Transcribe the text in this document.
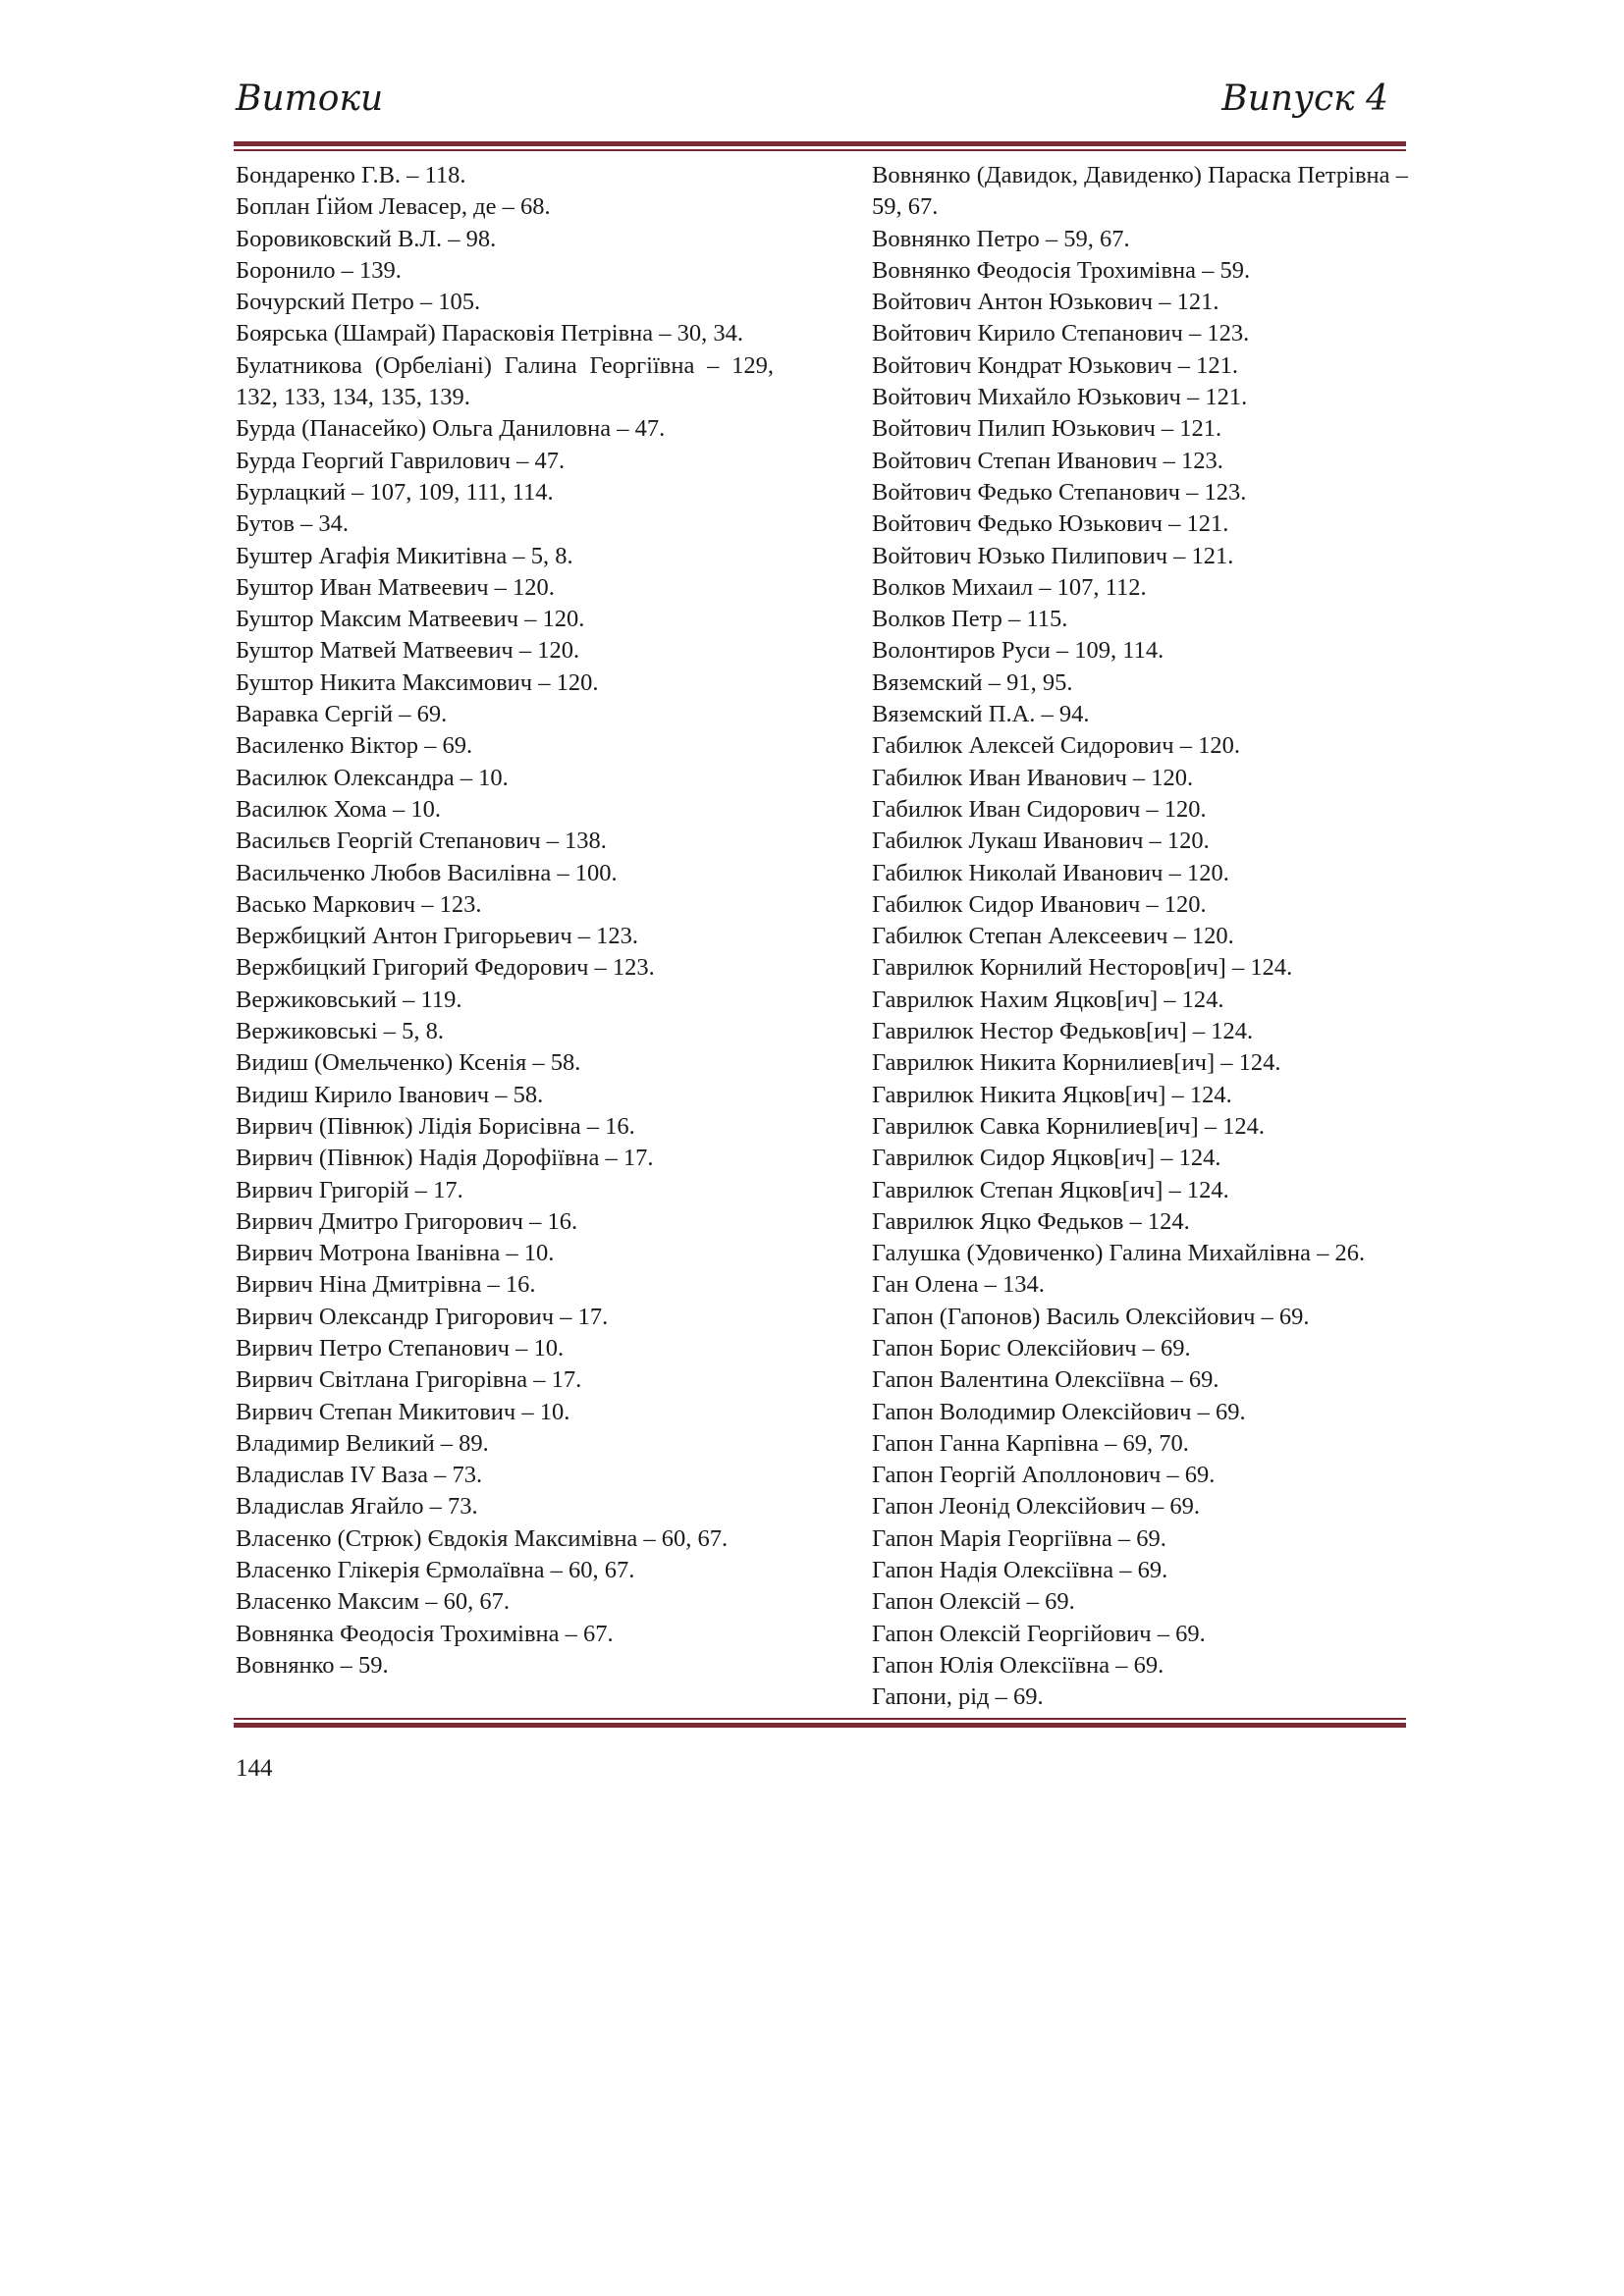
Витоки	Випуск 4
Бондаренко Г.В. – 118.
Боплан Ґійом Левасер, де – 68.
Боровиковский В.Л. – 98.
Боронило – 139.
Бочурский Петро – 105.
Боярська (Шамрай) Парасковія Петрівна – 30, 34.
Булатникова (Орбеліані) Галина Георгіївна – 129, 132, 133, 134, 135, 139.
Бурда (Панасейко) Ольга Даниловна – 47.
Бурда Георгий Гаврилович – 47.
Бурлацкий – 107, 109, 111, 114.
Бутов – 34.
Буштер Агафія Микитівна – 5, 8.
Буштор Иван Матвеевич – 120.
Буштор Максим Матвеевич – 120.
Буштор Матвей Матвеевич – 120.
Буштор Никита Максимович – 120.
Варавка Сергій – 69.
Василенко Віктор – 69.
Василюк Олександра – 10.
Василюк Хома – 10.
Васильєв Георгій Степанович – 138.
Васильченко Любов Василівна – 100.
Васько Маркович – 123.
Вержбицкий Антон Григорьевич – 123.
Вержбицкий Григорий Федорович – 123.
Вержиковський – 119.
Вержиковські – 5, 8.
Видиш (Омельченко) Ксенія – 58.
Видиш Кирило Іванович – 58.
Вирвич (Півнюк) Лідія Борисівна – 16.
Вирвич (Півнюк) Надія Дорофіївна – 17.
Вирвич Григорій – 17.
Вирвич Дмитро Григорович – 16.
Вирвич Мотрона Іванівна – 10.
Вирвич Ніна Дмитрівна – 16.
Вирвич Олександр Григорович – 17.
Вирвич Петро Степанович – 10.
Вирвич Світлана Григорівна – 17.
Вирвич Степан Микитович – 10.
Владимир Великий – 89.
Владислав IV Ваза – 73.
Владислав Ягайло – 73.
Власенко (Стрюк) Євдокія Максимівна – 60, 67.
Власенко Глікерія Єрмолаївна – 60, 67.
Власенко Максим – 60, 67.
Вовнянка Феодосія Трохимівна – 67.
Вовнянко – 59.
Вовнянко (Давидок, Давиденко) Параска Петрівна – 59, 67.
Вовнянко Петро – 59, 67.
Вовнянко Феодосія Трохимівна – 59.
Войтович Антон Юзькович – 121.
Войтович Кирило Степанович – 123.
Войтович Кондрат Юзькович – 121.
Войтович Михайло Юзькович – 121.
Войтович Пилип Юзькович – 121.
Войтович Степан Иванович – 123.
Войтович Федько Степанович – 123.
Войтович Федько Юзькович – 121.
Войтович Юзько Пилипович – 121.
Волков Михаил – 107, 112.
Волков Петр – 115.
Волонтиров Руси – 109, 114.
Вяземский – 91, 95.
Вяземский П.А. – 94.
Габилюк Алексей Сидорович – 120.
Габилюк Иван Иванович – 120.
Габилюк Иван Сидорович – 120.
Габилюк Лукаш Иванович – 120.
Габилюк Николай Иванович – 120.
Габилюк Сидор Иванович – 120.
Габилюк Степан Алексеевич – 120.
Гаврилюк Корнилий Несторов[ич] – 124.
Гаврилюк Нахим Яцков[ич] – 124.
Гаврилюк Нестор Федьков[ич] – 124.
Гаврилюк Никита Корнилиев[ич] – 124.
Гаврилюк Никита Яцков[ич] – 124.
Гаврилюк Савка Корнилиев[ич] – 124.
Гаврилюк Сидор Яцков[ич] – 124.
Гаврилюк Степан Яцков[ич] – 124.
Гаврилюк Яцко Федьков – 124.
Галушка (Удовиченко) Галина Михайлівна – 26.
Ган Олена – 134.
Гапон (Гапонов) Василь Олексійович – 69.
Гапон Борис Олексійович – 69.
Гапон Валентина Олексіївна – 69.
Гапон Володимир Олексійович – 69.
Гапон Ганна Карпівна – 69, 70.
Гапон Георгій Аполлонович – 69.
Гапон Леонід Олексійович – 69.
Гапон Марія Георгіївна – 69.
Гапон Надія Олексіївна – 69.
Гапон Олексій – 69.
Гапон Олексій Георгійович – 69.
Гапон Юлія Олексіївна – 69.
Гапони, рід – 69.
144
